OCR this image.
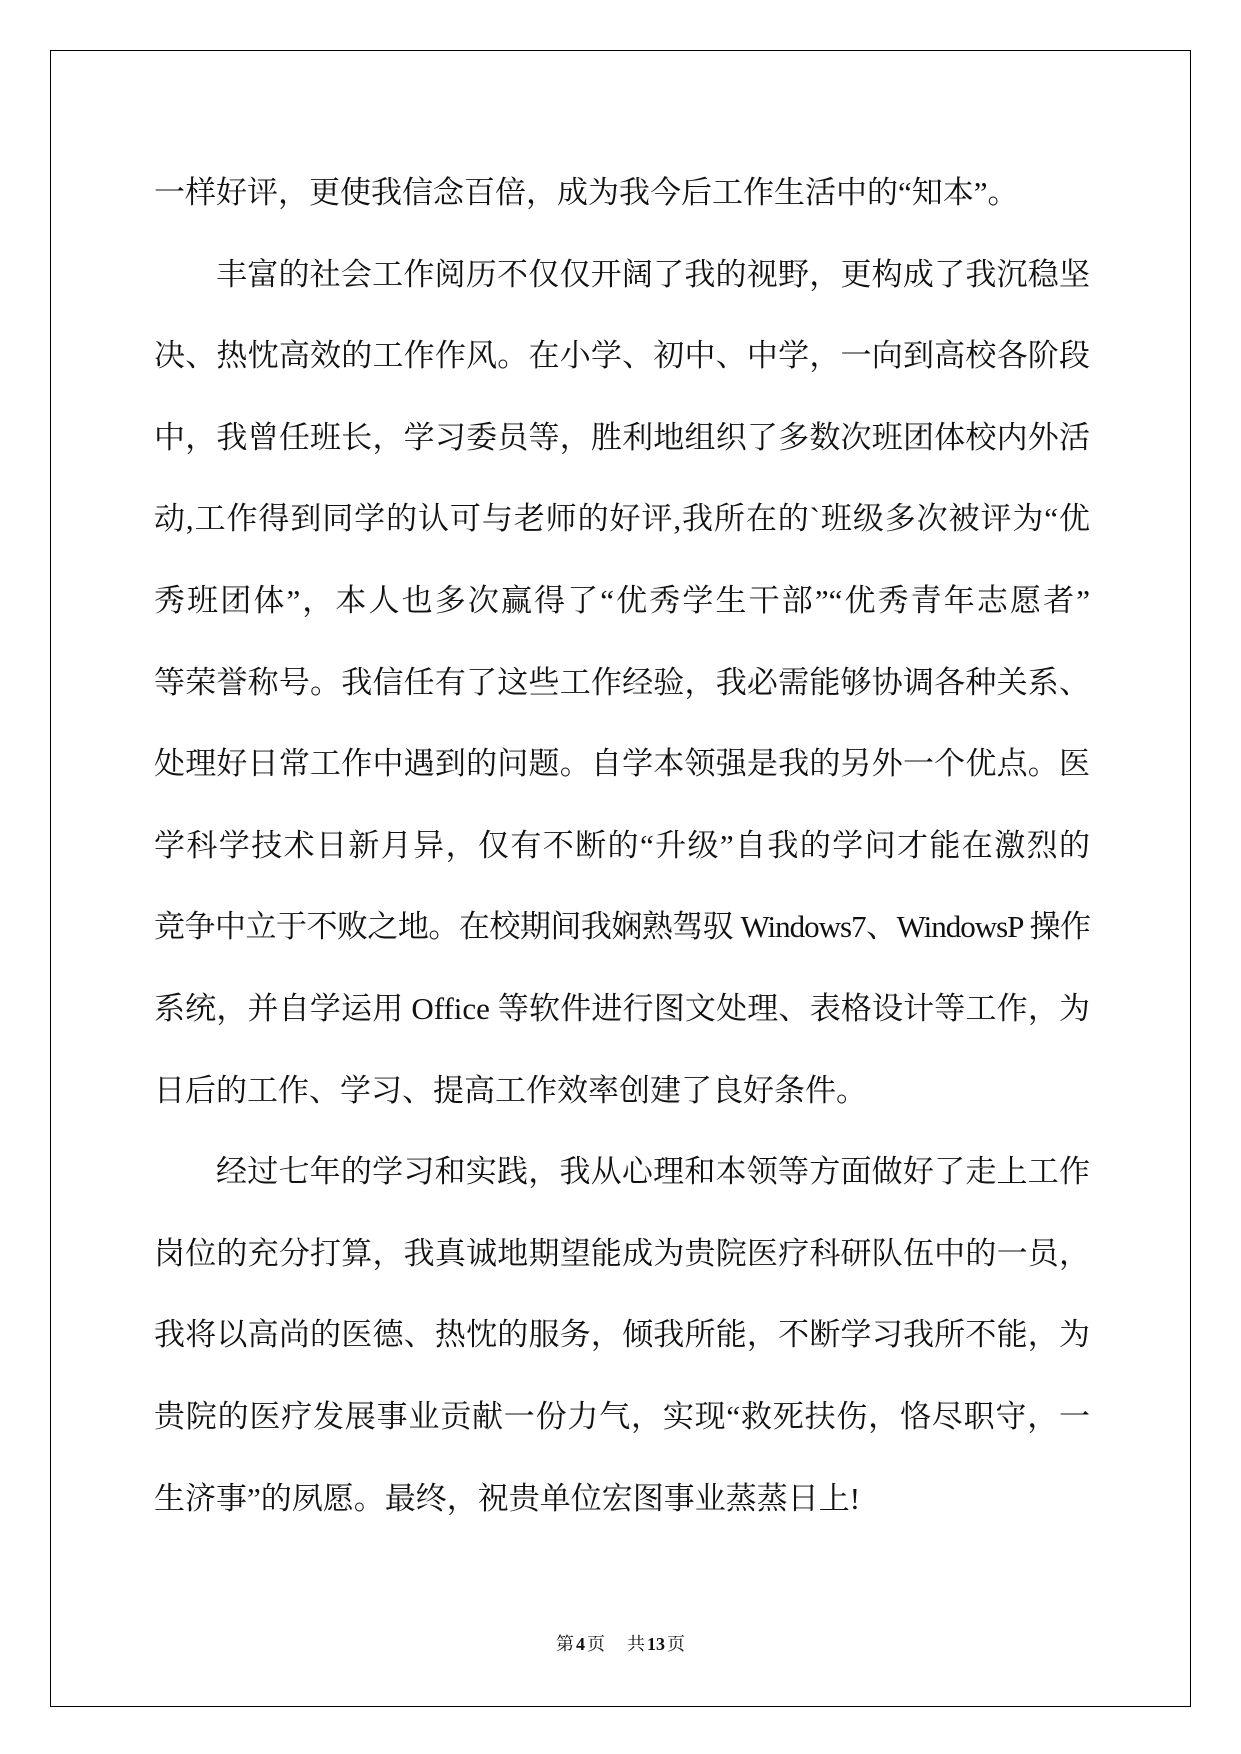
一样好评，更使我信念百倍，成为我今后工作生活中的“知本”。
丰富的社会工作阅历不仅仅开阔了我的视野，更构成了我沉稳坚
决、热忱高效的工作作风。在小学、初中、中学，一向到高校各阶段
中，我曾任班长，学习委员等，胜利地组织了多数次班团体校内外活
动,工作得到同学的认可与老师的好评,我所在的`班级多次被评为“优
秀班团体”，本人也多次赢得了“优秀学生干部”“优秀青年志愿者”
等荣誉称号。我信任有了这些工作经验，我必需能够协调各种关系、
处理好日常工作中遇到的问题。自学本领强是我的另外一个优点。医
学科学技术日新月异，仅有不断的“升级”自我的学问才能在激烈的
竞争中立于不败之地。在校期间我娴熟驾驭 Windows7、WindowsP 操作
系统，并自学运用 Office 等软件进行图文处理、表格设计等工作，为
日后的工作、学习、提高工作效率创建了良好条件。
经过七年的学习和实践，我从心理和本领等方面做好了走上工作
岗位的充分打算，我真诚地期望能成为贵院医疗科研队伍中的一员，
我将以高尚的医德、热忱的服务，倾我所能，不断学习我所不能，为
贵院的医疗发展事业贡献一份力气，实现“救死扶伤，恪尽职守，一
生济事”的夙愿。最终，祝贵单位宏图事业蒸蒸日上!
第 4 页 共 13 页
